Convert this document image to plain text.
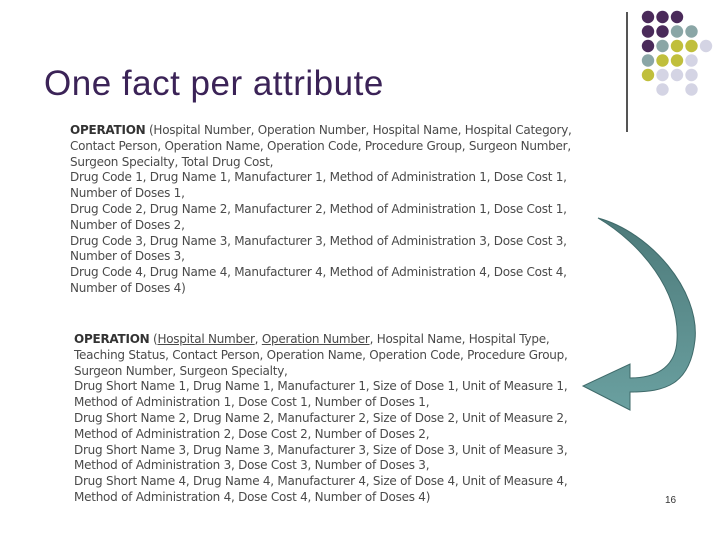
One fact per attribute
OPERATION (Hospital Number, Operation Number, Hospital Name, Hospital Category,
Contact Person, Operation Name, Operation Code, Procedure Group, Surgeon Number,
Surgeon Specialty, Total Drug Cost,
Drug Code 1, Drug Name 1, Manufacturer 1, Method of Administration 1, Dose Cost 1,
Number of Doses 1,
Drug Code 2, Drug Name 2, Manufacturer 2, Method of Administration 1, Dose Cost 1,
Number of Doses 2,
Drug Code 3, Drug Name 3, Manufacturer 3, Method of Administration 3, Dose Cost 3,
Number of Doses 3,
Drug Code 4, Drug Name 4, Manufacturer 4, Method of Administration 4, Dose Cost 4,
Number of Doses 4)
OPERATION (Hospital Number, Operation Number, Hospital Name, Hospital Type,
Teaching Status, Contact Person, Operation Name, Operation Code, Procedure Group,
Surgeon Number, Surgeon Specialty,
Drug Short Name 1, Drug Name 1, Manufacturer 1, Size of Dose 1, Unit of Measure 1,
Method of Administration 1, Dose Cost 1, Number of Doses 1,
Drug Short Name 2, Drug Name 2, Manufacturer 2, Size of Dose 2, Unit of Measure 2,
Method of Administration 2, Dose Cost 2, Number of Doses 2,
Drug Short Name 3, Drug Name 3, Manufacturer 3, Size of Dose 3, Unit of Measure 3,
Method of Administration 3, Dose Cost 3, Number of Doses 3,
Drug Short Name 4, Drug Name 4, Manufacturer 4, Size of Dose 4, Unit of Measure 4,
Method of Administration 4, Dose Cost 4, Number of Doses 4)	16
